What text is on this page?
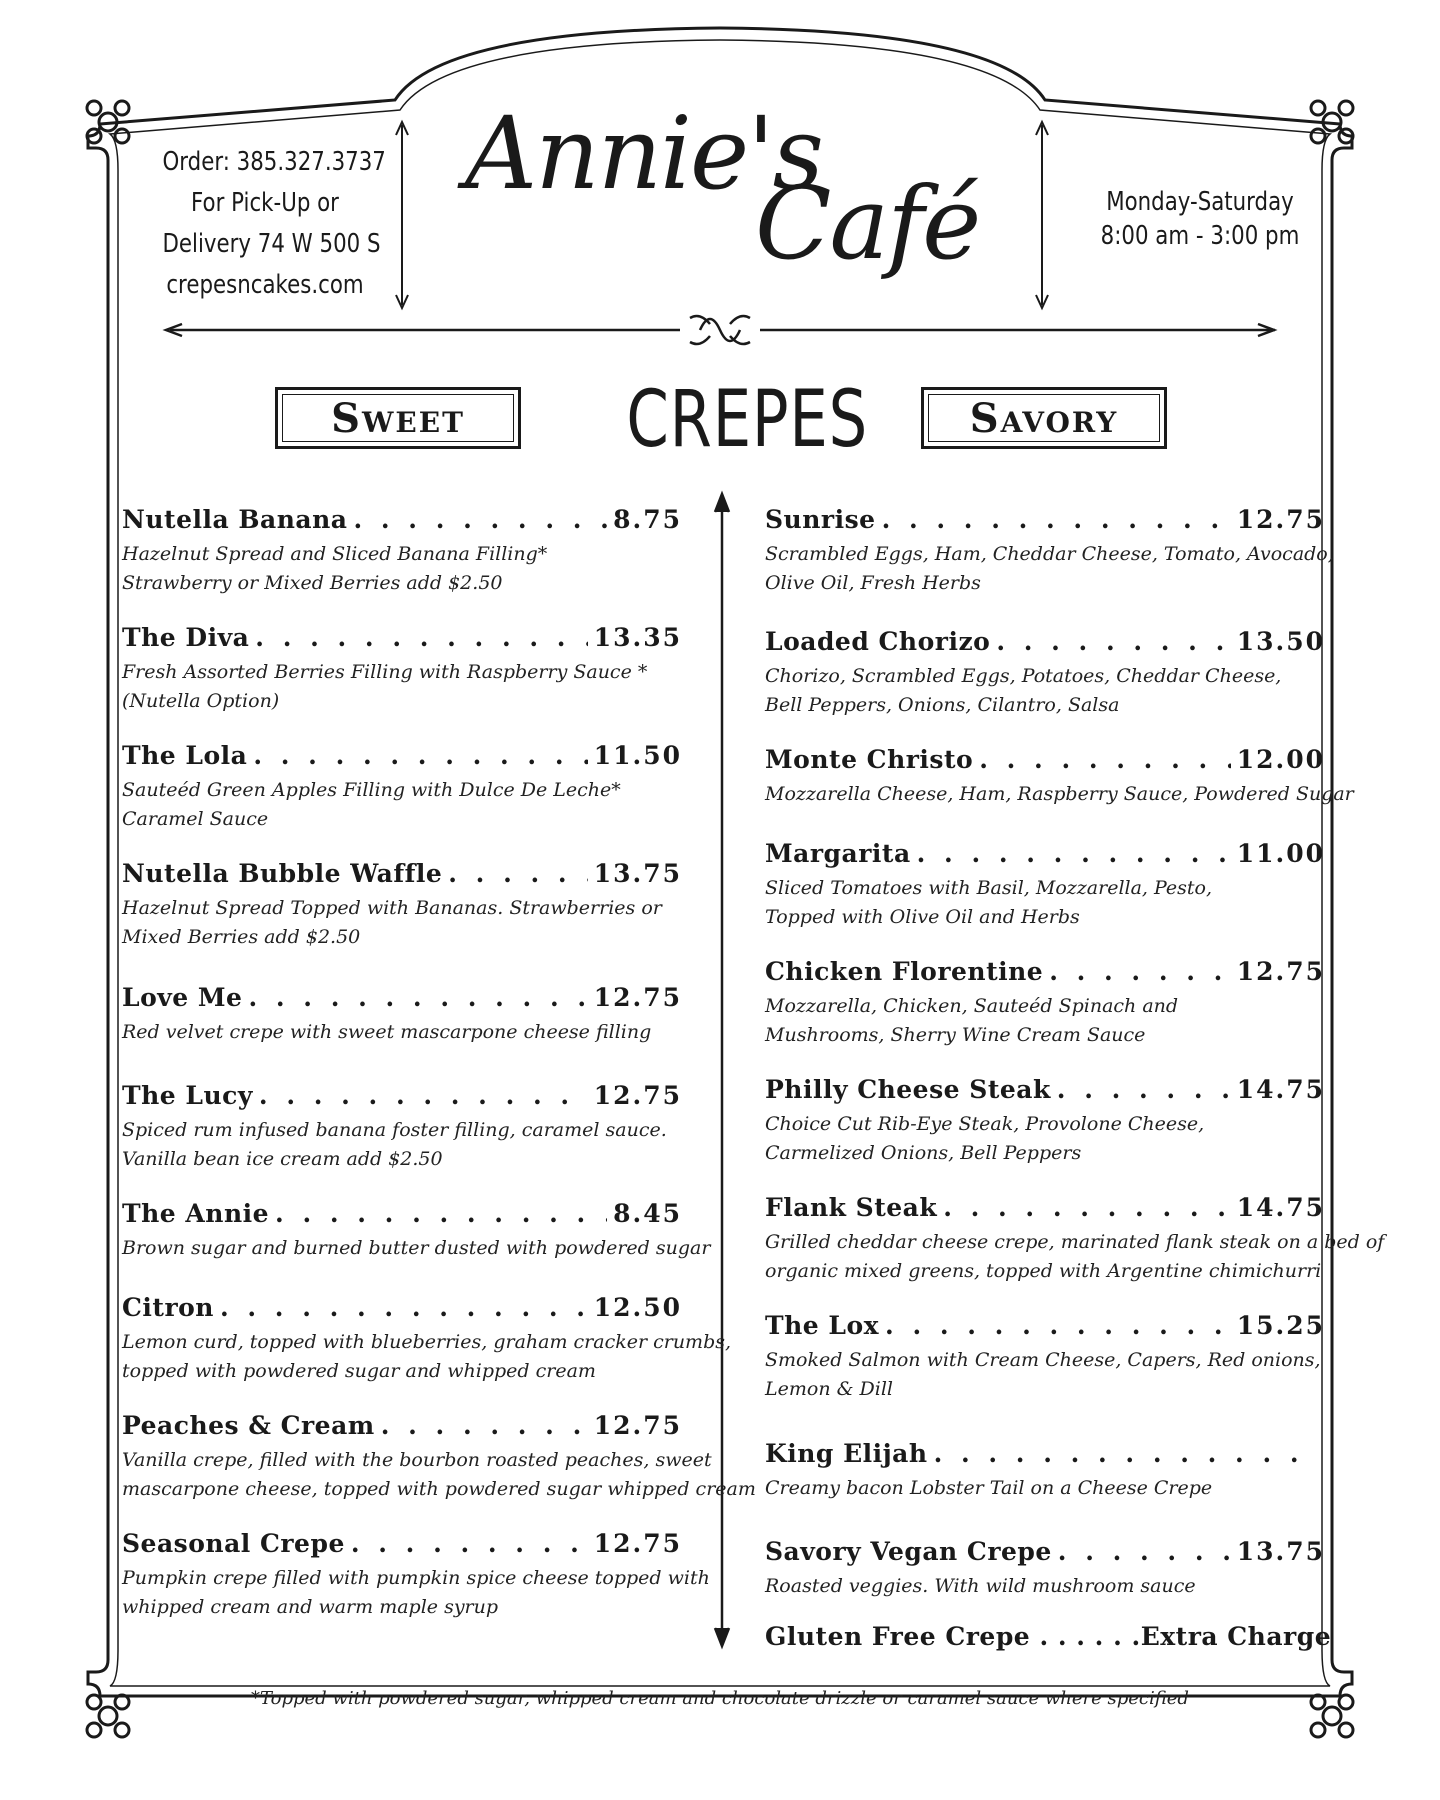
Order: 385.327.3737
For Pick-Up or
Delivery 74 W 500 S
crepesncakes.com
Annie's
Café	Monday-Saturday
8:00 am - 3:00 pm
Sweet CREPES	Savory
Nutella Banana . . .	8.75
Hazelnut Spread and Sliced Banana Filling*
Strawberry or Mixed Berries add $2.50
The Diva . . .	13.35
Fresh Assorted Berries Filling with Raspberry Sauce *
(Nutella Option)
The Lola . . .	11.50
Sauteéd Green Apples Filling with Dulce De Leche*
Caramel Sauce
Nutella Bubble Waffle . . .	13.75
Hazelnut Spread Topped with Bananas. Strawberries or
Mixed Berries add $2.50
Love Me . . .	12.75
Red velvet crepe with sweet mascarpone cheese filling
The Lucy . . .	12.75
Spiced rum infused banana foster filling, caramel sauce.
Vanilla bean ice cream add $2.50
The Annie . . .	8.45
Brown sugar and burned butter dusted with powdered sugar
Citron . . .	12.50
Lemon curd, topped with blueberries, graham cracker crumbs,
topped with powdered sugar and whipped cream
Peaches & Cream . . .	12.75
Vanilla crepe, filled with the bourbon roasted peaches, sweet
mascarpone cheese, topped with powdered sugar whipped cream
Seasonal Crepe . . .	12.75
Pumpkin crepe filled with pumpkin spice cheese topped with
whipped cream and warm maple syrup
Sunrise . . .	12.75
Scrambled Eggs, Ham, Cheddar Cheese, Tomato, Avocado,
Olive Oil, Fresh Herbs
Loaded Chorizo . . .	13.50
Chorizo, Scrambled Eggs, Potatoes, Cheddar Cheese,
Bell Peppers, Onions, Cilantro, Salsa
Monte Christo . . .	12.00
Mozzarella Cheese, Ham, Raspberry Sauce, Powdered Sugar
Margarita . . .	11.00
Sliced Tomatoes with Basil, Mozzarella, Pesto,
Topped with Olive Oil and Herbs
Chicken Florentine . . .	12.75
Mozzarella, Chicken, Sauteéd Spinach and
Mushrooms, Sherry Wine Cream Sauce
Philly Cheese Steak . . .	14.75
Choice Cut Rib-Eye Steak, Provolone Cheese,
Carmelized Onions, Bell Peppers
Flank Steak . . .	14.75
Grilled cheddar cheese crepe, marinated flank steak on a bed of
organic mixed greens, topped with Argentine chimichurri
The Lox . . .	15.25
Smoked Salmon with Cream Cheese, Capers, Red onions,
Lemon & Dill
King Elijah
. . .
Creamy bacon Lobster Tail on a Cheese Crepe
Savory Vegan Crepe . . .	13.75
Roasted veggies. With wild mushroom sauce
Gluten Free Crepe . . . . . .Extra Charge
*Topped with powdered sugar, whipped cream and chocolate drizzle or caramel sauce where specified
